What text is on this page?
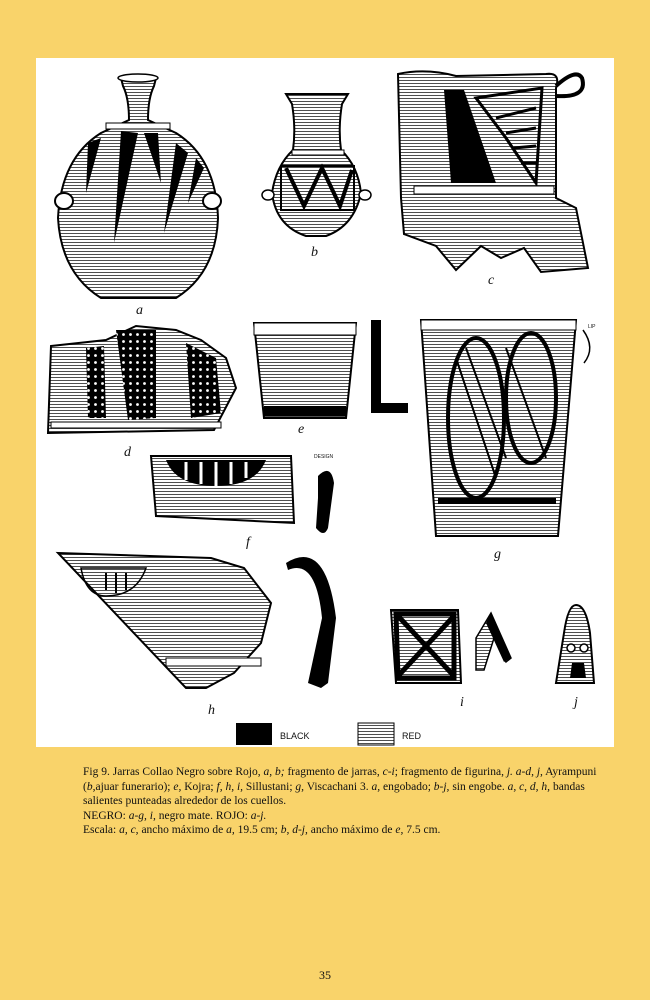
a
b
c
d
e
LIP
g
f
DESIGN
h
i	j
BLACK	RED

Fig 9. Jarras Collao Negro sobre Rojo, a, b; fragmento de jarras, c-i; fragmento de figurina, j. a-d, j, Ayrampuni (b,ajuar funerario); e, Kojra; f, h, i, Sillustani; g, Viscachani 3. a, engobado; b-j, sin engobe. a, c, d, h, bandas salientes punteadas alrededor de los cuellos.

NEGRO: a-g, i, negro mate. ROJO: a-j.

Escala: a, c, ancho máximo de a, 19.5 cm; b, d-j, ancho máximo de e, 7.5 cm.

35
